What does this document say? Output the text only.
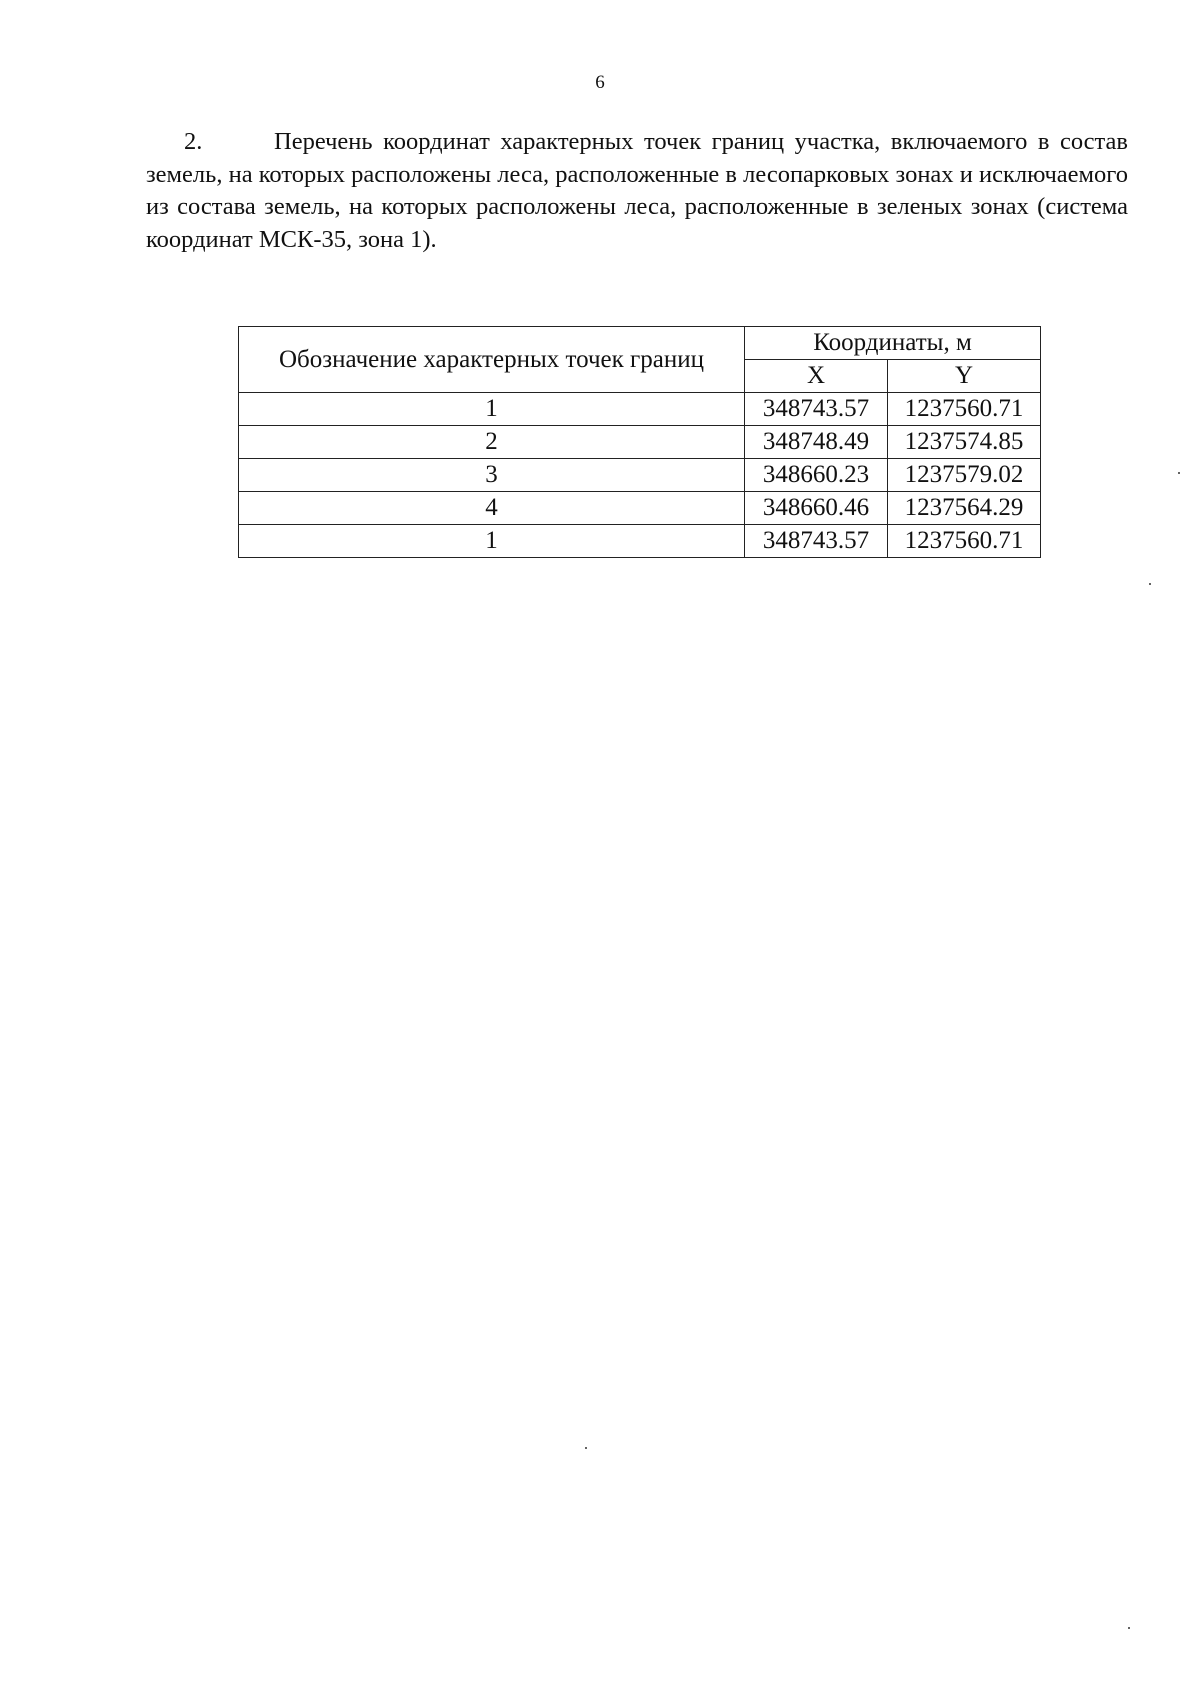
6
2.	Перечень координат характерных точек границ участка, включаемого в состав земель, на которых расположены леса, расположенные в лесопарковых зонах и исключаемого из состава земель, на которых расположены леса, расположенные в зеленых зонах (система координат МСК-35, зона 1).
Обозначение характерных точек границ	Координаты, м	
	X	Y
1	348743.57	1237560.71
2	348748.49	1237574.85
3	348660.23	1237579.02
4	348660.46	1237564.29
1	348743.57	1237560.71
